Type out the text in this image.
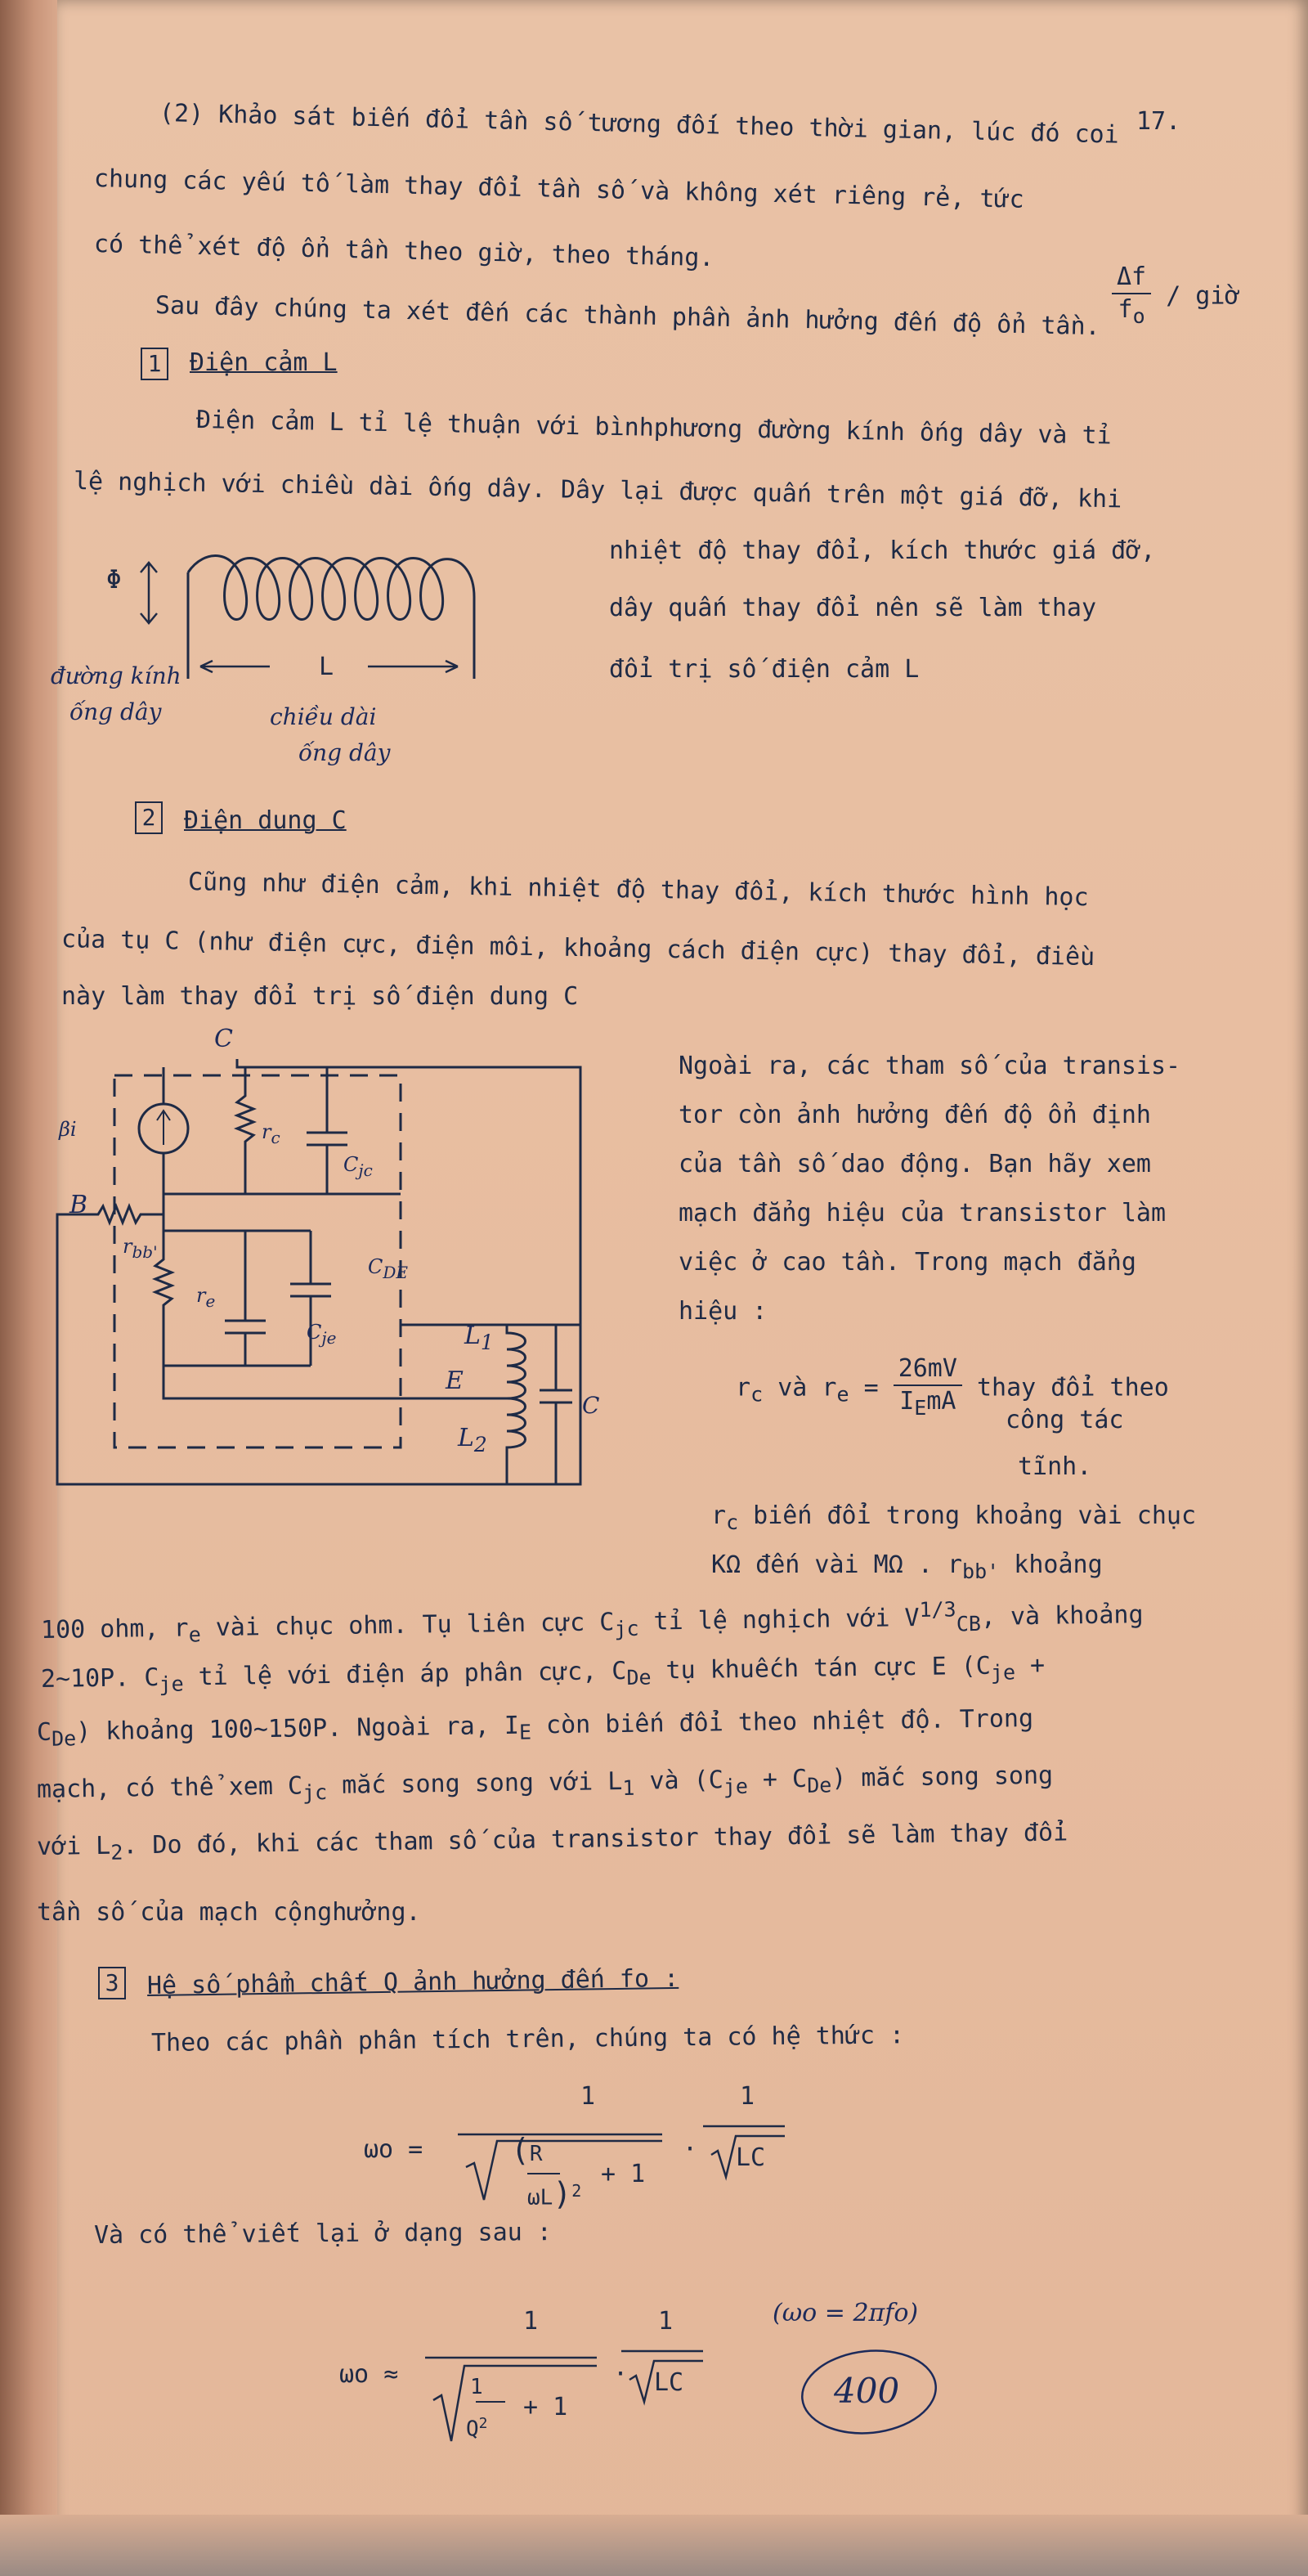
17.
(2) Khảo sát biến đổi tần số tương đối theo thời gian, lúc đó coi
chung các yếu tố làm thay đổi tần số và không xét riêng rẻ, tức
có thể xét độ ổn tần theo giờ, theo tháng.
$\frac{\Delta f}{f_o}$ / giờ
Sau đây chúng ta xét đến các thành phần ảnh hưởng đến độ ổn tần.
1 Điện cảm L
Điện cảm L tỉ lệ thuận với bìnhphương đường kính ống dây và tỉ
lệ nghịch với chiều dài ống dây. Dây lại được quấn trên một giá đỡ, khi
nhiệt độ thay đổi, kích thước giá đỡ,
dây quấn thay đổi nên sẽ làm thay
đổi trị số điện cảm L
Φ
L
đường kính
ống dây	chiều dài
ống dây
2 Điện dung C
Cũng như điện cảm, khi nhiệt độ thay đổi, kích thước hình học
của tụ C (như điện cực, điện môi, khoảng cách điện cực) thay đổi, điều
này làm thay đổi trị số điện dung C
C
B
E
βi	$r_c$
$C_{jc}$
$r_{bb'}$
$r_e$
$C_{je}$
$C_{DE}$
$L_1$
$L_2$
C
Ngoài ra, các tham số của transis-
tor còn ảnh hưởng đến độ ổn định
của tần số dao động. Bạn hãy xem
mạch đẳng hiệu của transistor làm
việc ở cao tần. Trong mạch đẳng
hiệu :
$r_c$ và $r_e = \frac{26mV}{I_EmA}$ thay đổi theo
công tác
tĩnh.
$r_c$ biến đổi trong khoảng vài chục
KΩ đến vài MΩ . $r_{bb'}$ khoảng
100 ohm, $r_e$ vài chục ohm. Tụ liên cực $C_{jc}$ tỉ lệ nghịch với $V^{1/3}_{CB}$, và khoảng
2~10P. $C_{je}$ tỉ lệ với điện áp phân cực, $C_{De}$ tụ khuếch tán cực E ($C_{je}$ +
$C_{De}$) khoảng 100~150P. Ngoài ra, $I_E$ còn biến đổi theo nhiệt độ. Trong
mạch, có thể xem $C_{jc}$ mắc song song với $L_1$ và $(C_{je} + C_{De})$ mắc song song
với $L_2$. Do đó, khi các tham số của transistor thay đổi sẽ làm thay đổi
tần số của mạch cộnghưởng.
3 Hệ số phẩm chất Q ảnh hưởng đến fo :
Theo các phần phân tích trên, chúng ta có hệ thức :
ωo =
1
(R
ωL)$^2$
+ 1
·
1
LC
Và có thể viết lại ở dạng sau :
ωo ≈
1
1
$Q^2$
+ 1
·
1
LC
(ωo = 2πfo)
400
